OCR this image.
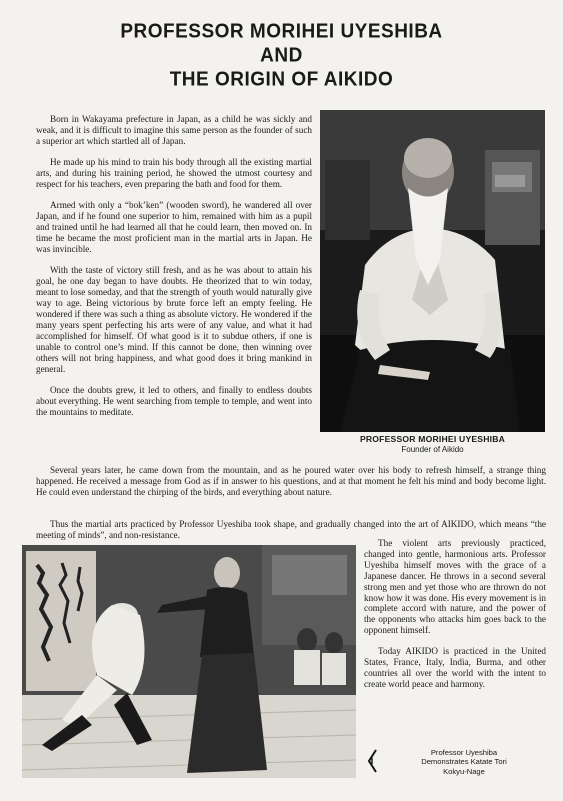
PROFESSOR MORIHEI UYESHIBA
AND
THE ORIGIN OF AIKIDO

Born in Wakayama prefecture in Japan, as a child he was sickly and weak, and it is difficult to imagine this same person as the founder of such a superior art which startled all of Japan.

He made up his mind to train his body through all the existing martial arts, and during his training period, he showed the utmost courtesy and respect for his teachers, even preparing the bath and food for them.

Armed with only a “bok’ken” (wooden sword), he wandered all over Japan, and if he found one superior to him, remained with him as a pupil and trained until he had learned all that he could learn, then moved on. In time he became the most proficient man in the martial arts in Japan. He was invincible.

With the taste of victory still fresh, and as he was about to attain his goal, he one day began to have doubts. He theorized that to win today, meant to lose someday, and that the strength of youth would naturally give way to age. Being victorious by brute force left an empty feeling. He wondered if there was such a thing as absolute victory. He wondered if the many years spent perfecting his arts were of any value, and what it had accomplished for himself. Of what good is it to subdue others, if one is unable to control one’s mind. If this cannot be done, then winning over others will not bring happiness, and what good does it bring mankind in general.

Once the doubts grew, it led to others, and finally to endless doubts about everything. He went searching from temple to temple, and went into the mountains to meditate.

PROFESSOR MORIHEI UYESHIBA
Founder of Aikido

Several years later, he came down from the mountain, and as he poured water over his body to refresh himself, a strange thing happened. He received a message from God as if in answer to his questions, and at that moment he felt his mind and body become light. He could even understand the chirping of the birds, and everything about nature.

Thus the martial arts practiced by Professor Uyeshiba took shape, and gradually changed into the art of AIKIDO, which means “the meeting of minds”, and non-resistance.

The violent arts previously practiced, changed into gentle, harmonious arts. Professor Uyeshiba himself moves with the grace of a Japanese dancer. He throws in a second several strong men and yet those who are thrown do not know how it was done. His every movement is in complete accord with nature, and the power of the opponents who attacks him goes back to the opponent himself.

Today AIKIDO is practiced in the United States, France, Italy, India, Burma, and other countries all over the world with the intent to create world peace and harmony.

Professor Uyeshiba
Demonstrates Katate Tori
Kokyu-Nage
